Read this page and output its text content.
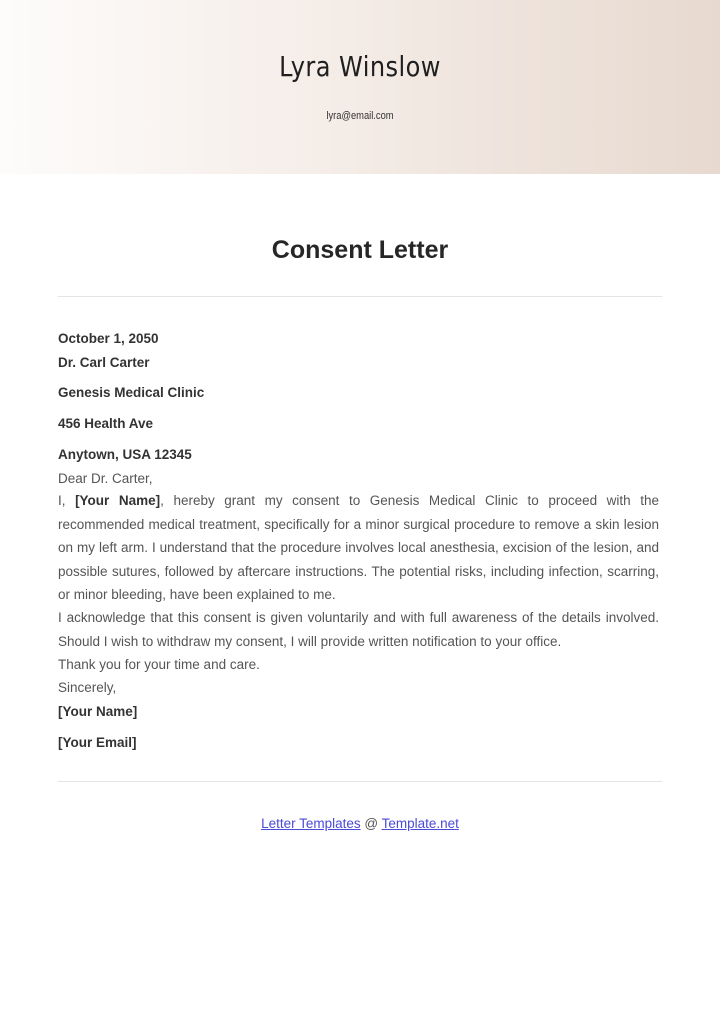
Lyra Winslow
lyra@email.com
Consent Letter
October 1, 2050
Dr. Carl Carter
Genesis Medical Clinic
456 Health Ave
Anytown, USA 12345
Dear Dr. Carter,
I, [Your Name], hereby grant my consent to Genesis Medical Clinic to proceed with the recommended medical treatment, specifically for a minor surgical procedure to remove a skin lesion on my left arm. I understand that the procedure involves local anesthesia, excision of the lesion, and possible sutures, followed by aftercare instructions. The potential risks, including infection, scarring, or minor bleeding, have been explained to me.
I acknowledge that this consent is given voluntarily and with full awareness of the details involved. Should I wish to withdraw my consent, I will provide written notification to your office.
Thank you for your time and care.
Sincerely,
[Your Name]
[Your Email]
Letter Templates @ Template.net
